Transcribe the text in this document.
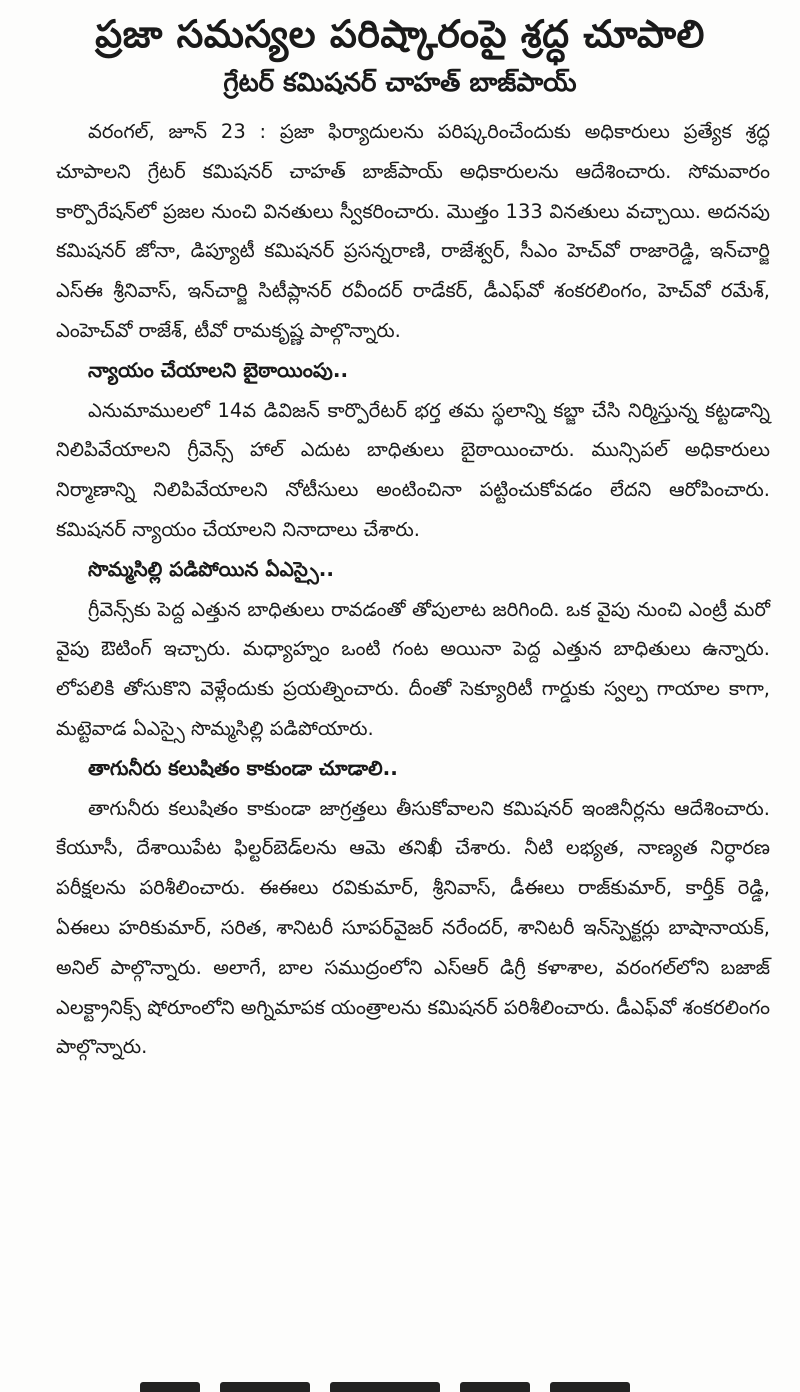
ప్రజా సమస్యల పరిష్కారంపై శ్రద్ధ చూపాలి
గ్రేటర్ కమిషనర్ చాహత్ బాజ్‌పాయ్

వరంగల్, జూన్ 23 : ప్రజా ఫిర్యాదులను పరిష్కరించేందుకు అధికారులు ప్రత్యేక శ్రద్ధ చూపాలని గ్రేటర్ కమిషనర్ చాహత్ బాజ్‌పాయ్ అధికారులను ఆదేశించారు. సోమవారం కార్పొరేషన్‌లో ప్రజల నుంచి వినతులు స్వీకరించారు. మొత్తం 133 వినతులు వచ్చాయి. అదనపు కమిషనర్ జోనా, డిప్యూటీ కమిషనర్ ప్రసన్నరాణి, రాజేశ్వర్, సీఎం హెచ్‌వో రాజారెడ్డి, ఇన్‌చార్జి ఎస్ఈ శ్రీనివాస్, ఇన్‌చార్జి సిటీప్లానర్ రవీందర్ రాడేకర్, డీఎఫ్‌వో శంకరలింగం, హెచ్‌వో రమేశ్, ఎంహెచ్‌వో రాజేశ్, టీవో రామకృష్ణ పాల్గొన్నారు.

న్యాయం చేయాలని బైఠాయింపు..

ఎనుమాములలో 14వ డివిజన్ కార్పొరేటర్ భర్త తమ స్థలాన్ని కబ్జా చేసి నిర్మిస్తున్న కట్టడాన్ని నిలిపివేయాలని గ్రీవెన్స్ హాల్ ఎదుట బాధితులు బైఠాయించారు. మున్సిపల్ అధికారులు నిర్మాణాన్ని నిలిపివేయాలని నోటీసులు అంటించినా పట్టించుకోవడం లేదని ఆరోపించారు. కమిషనర్ న్యాయం చేయాలని నినాదాలు చేశారు.

సొమ్మసిల్లి పడిపోయిన ఏఎస్సై..

గ్రీవెన్స్‌కు పెద్ద ఎత్తున బాధితులు రావడంతో తోపులాట జరిగింది. ఒక వైపు నుంచి ఎంట్రీ మరో వైపు ఔటింగ్ ఇచ్చారు. మధ్యాహ్నం ఒంటి గంట అయినా పెద్ద ఎత్తున బాధితులు ఉన్నారు. లోపలికి తోసుకొని వెళ్లేందుకు ప్రయత్నించారు. దీంతో సెక్యూరిటీ గార్డుకు స్వల్ప గాయాల కాగా, మట్టెవాడ ఏఎస్సై సొమ్మసిల్లి పడిపోయారు.

తాగునీరు కలుషితం కాకుండా చూడాలి..

తాగునీరు కలుషితం కాకుండా జాగ్రత్తలు తీసుకోవాలని కమిషనర్ ఇంజినీర్లను ఆదేశించారు. కేయూసీ, దేశాయిపేట ఫిల్టర్‌బెడ్‌లను ఆమె తనిఖీ చేశారు. నీటి లభ్యత, నాణ్యత నిర్ధారణ పరీక్షలను పరిశీలించారు. ఈఈలు రవికుమార్, శ్రీనివాస్, డీఈలు రాజ్‌కుమార్, కార్తీక్ రెడ్డి, ఏఈలు హరికుమార్, సరిత, శానిటరీ సూపర్‌వైజర్ నరేందర్, శానిటరీ ఇన్‌స్పెక్టర్లు బాషానాయక్, అనిల్ పాల్గొన్నారు. అలాగే, బాల సముద్రంలోని ఎస్ఆర్ డిగ్రీ కళాశాల, వరంగల్‌లోని బజాజ్ ఎలక్ట్రానిక్స్ షోరూంలోని అగ్నిమాపక యంత్రాలను కమిషనర్ పరిశీలించారు. డీఎఫ్‌వో శంకరలింగం పాల్గొన్నారు.
